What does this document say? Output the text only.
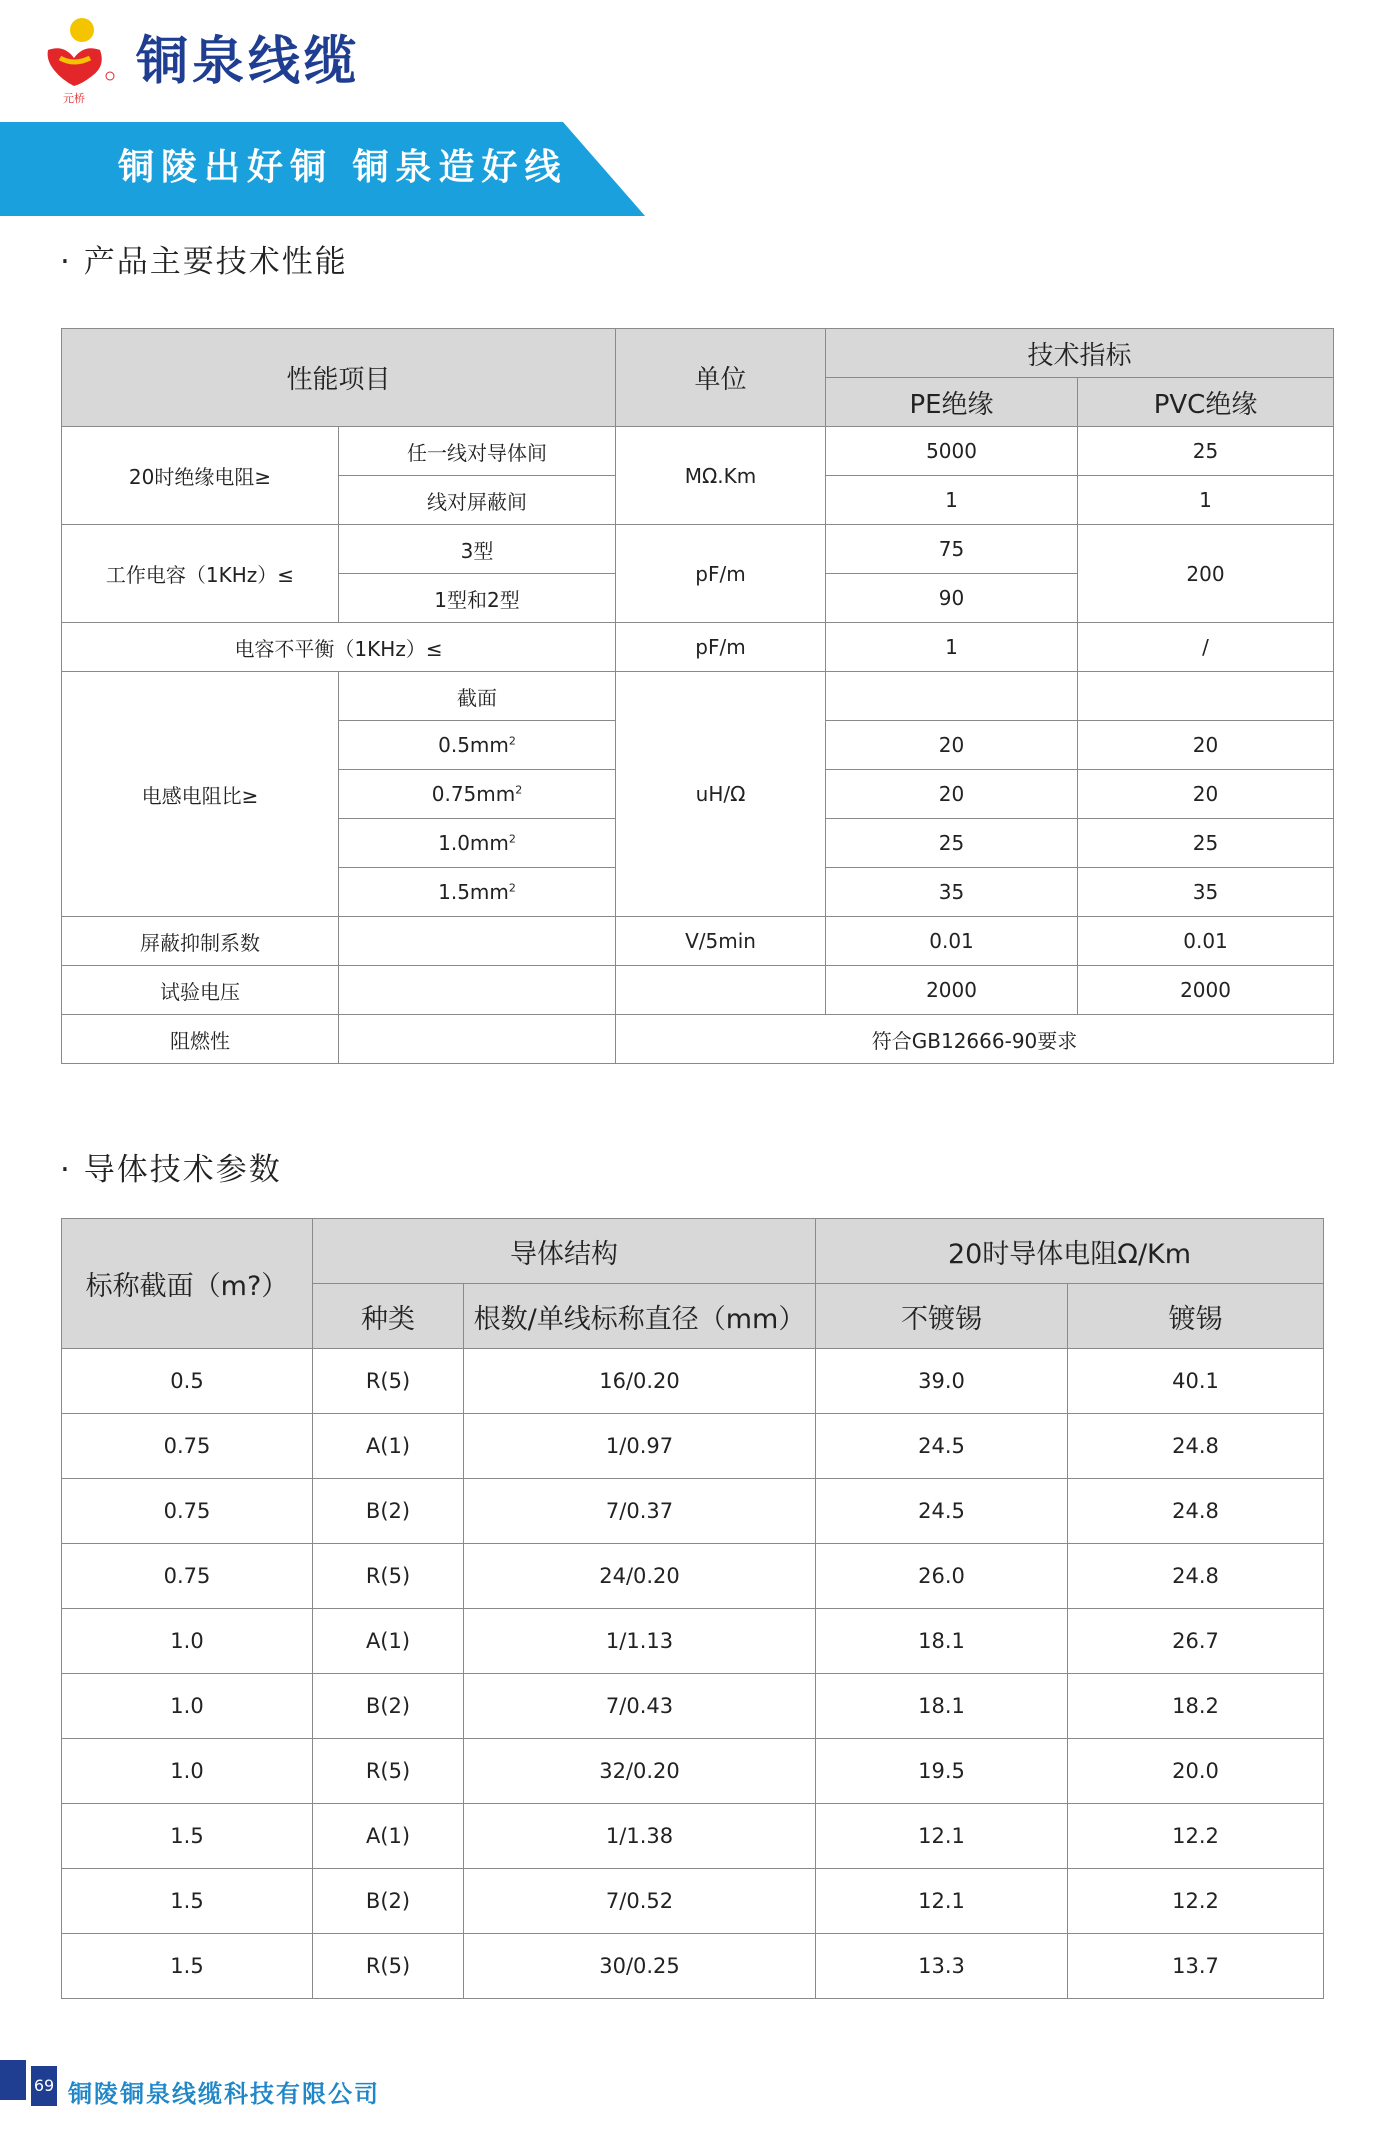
元桥
铜泉线缆
铜陵出好铜 铜泉造好线
· 产品主要技术性能
性能项目		单位	技术指标	
			PE绝缘	PVC绝缘
20时绝缘电阻≥	任一线对导体间	MΩ.Km	5000	25
	线对屏蔽间		1	1
工作电容（1KHz）≤	3型	pF/m	75	200
	1型和2型		90	
电容不平衡（1KHz）≤		pF/m	1	/
电感电阻比≥	截面	uH/Ω		
	$0.5mm^2$		20	20
	$0.75mm^2$		20	20
	$1.0mm^2$		25	25
	$1.5mm^2$		35	35
屏蔽抑制系数		V/5min	0.01	0.01
试验电压			2000	2000
阻燃性		符合GB12666-90要求		
· 导体技术参数
标称截面（m?）	导体结构		20时导体电阻Ω/Km	
	种类	根数/单线标称直径（mm）	不镀锡	镀锡
0.5	R(5)	16/0.20	39.0	40.1
0.75	A(1)	1/0.97	24.5	24.8
0.75	B(2)	7/0.37	24.5	24.8
0.75	R(5)	24/0.20	26.0	24.8
1.0	A(1)	1/1.13	18.1	26.7
1.0	B(2)	7/0.43	18.1	18.2
1.0	R(5)	32/0.20	19.5	20.0
1.5	A(1)	1/1.38	12.1	12.2
1.5	B(2)	7/0.52	12.1	12.2
1.5	R(5)	30/0.25	13.3	13.7
69 铜陵铜泉线缆科技有限公司
